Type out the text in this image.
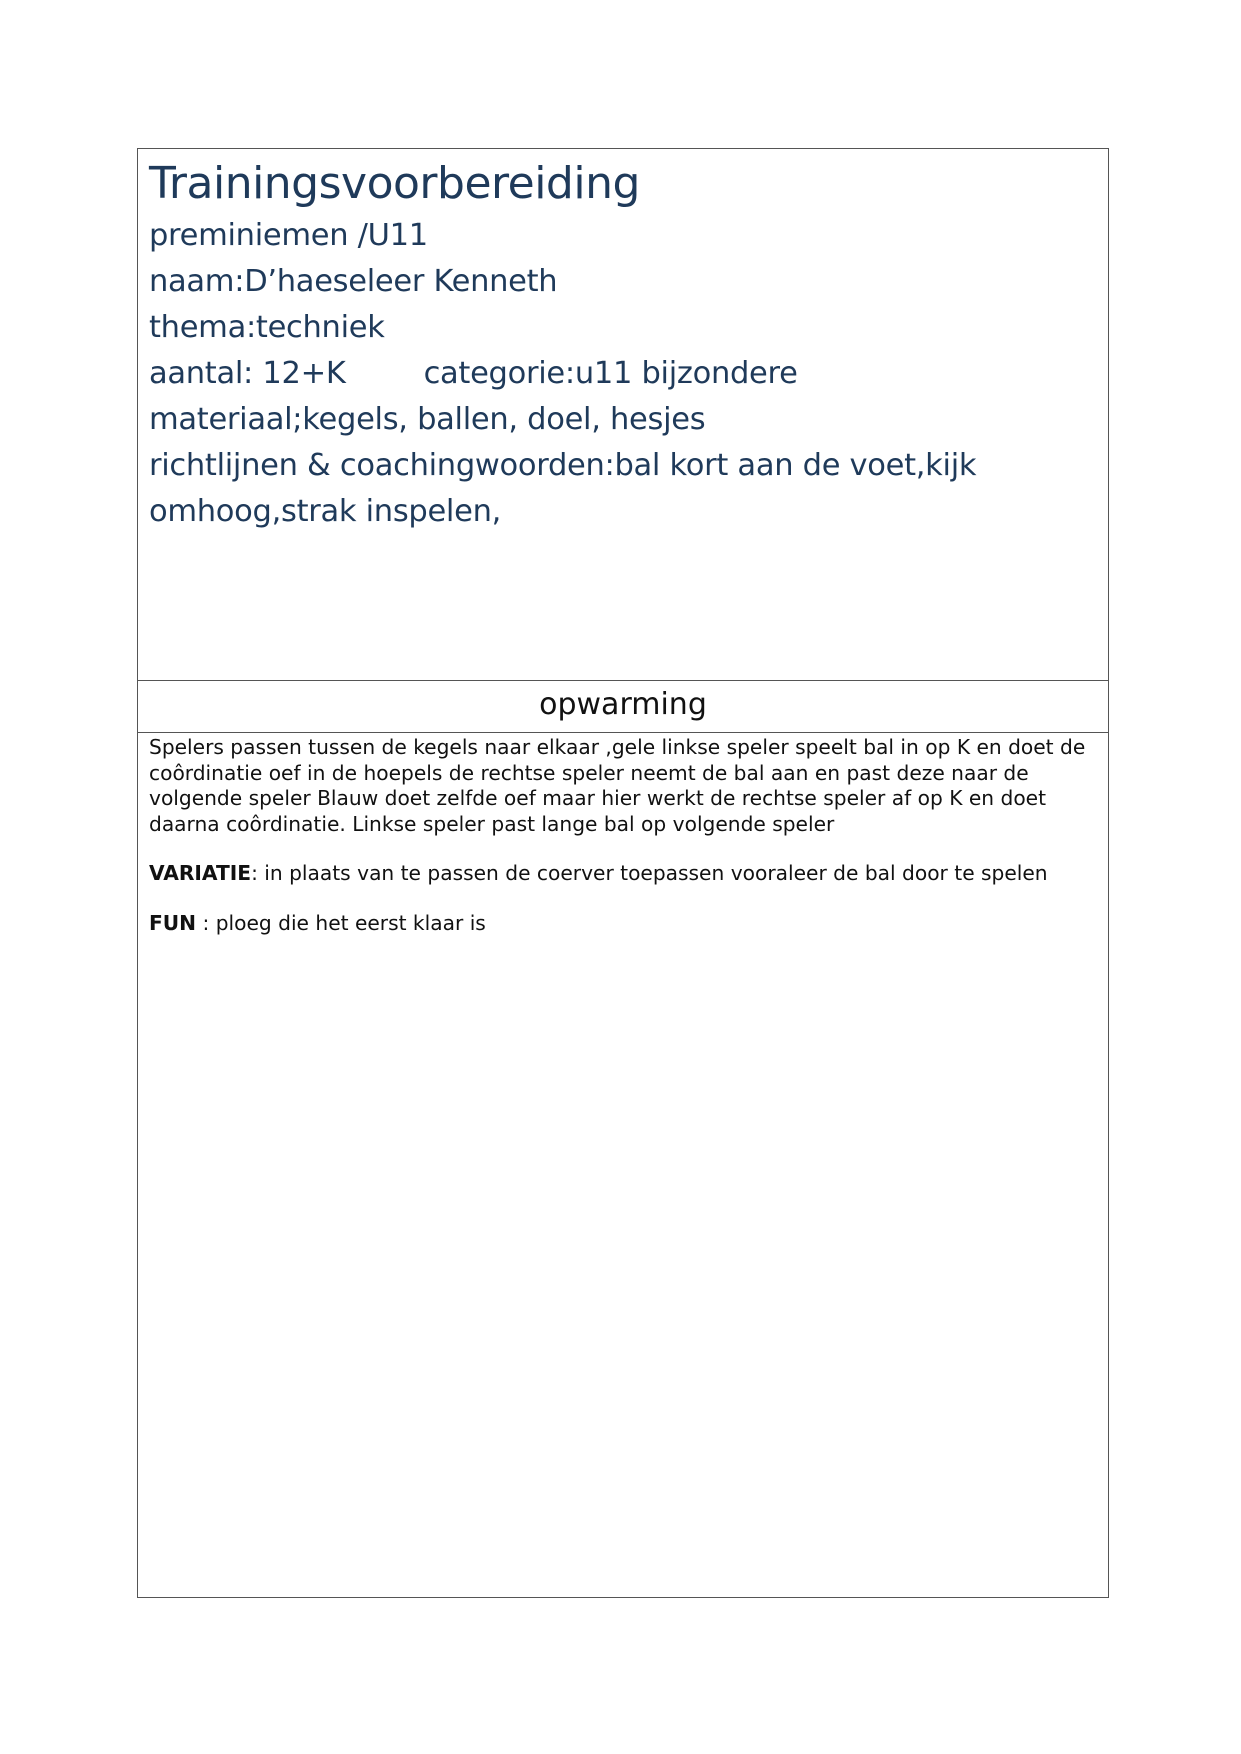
Trainingsvoorbereiding

preminiemen /U11

naam:D’haeseleer Kenneth

thema:techniek

aantal: 12+K	categorie:u11 bijzondere

materiaal;kegels, ballen, doel, hesjes

richtlijnen & coachingwoorden:bal kort aan de voet,kijk omhoog,strak inspelen,

opwarming

Spelers passen tussen de kegels naar elkaar ,gele linkse speler speelt bal in op K en doet de coôrdinatie oef in de hoepels de rechtse speler neemt de bal aan en past deze naar de volgende speler Blauw doet zelfde oef maar hier werkt de rechtse speler af op K en doet daarna coôrdinatie. Linkse speler past lange bal op volgende speler

VARIATIE: in plaats van te passen de coerver toepassen vooraleer de bal door te spelen

FUN : ploeg die het eerst klaar is
